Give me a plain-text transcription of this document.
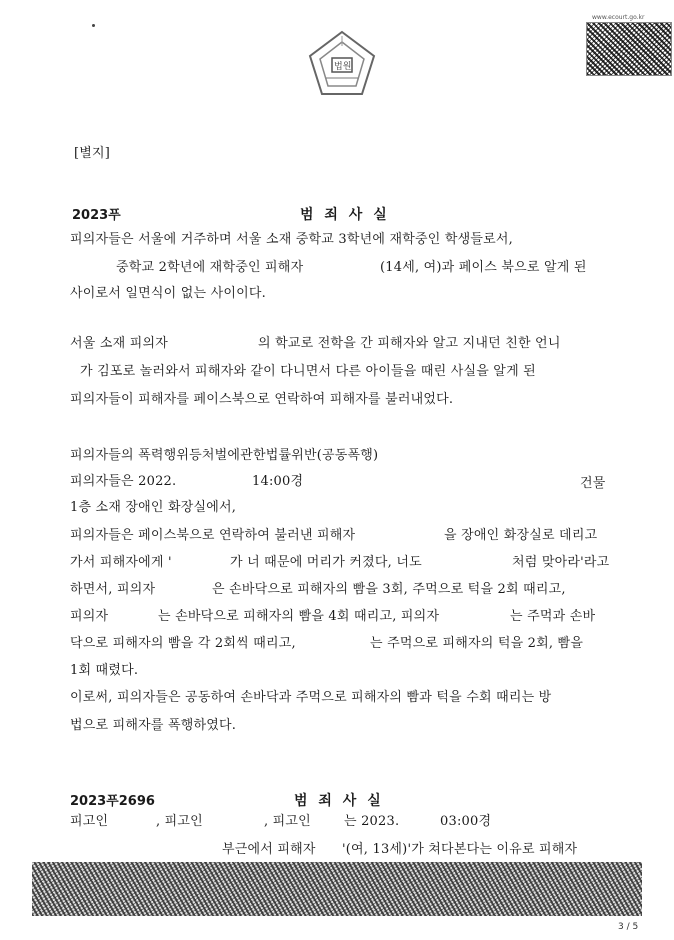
법원
www.ecourt.go.kr
[별지]
2023푸	범 죄 사 실
피의자들은 서울에 거주하며 서울 소재 중학교 3학년에 재학중인 학생들로서,
중학교 2학년에 재학중인 피해자	(14세, 여)과 페이스 북으로 알게 된
사이로서 일면식이 없는 사이이다.
서울 소재 피의자	의 학교로 전학을 간 피해자와 알고 지내던 친한 언니
가 김포로 놀러와서 피해자와 같이 다니면서 다른 아이들을 때린 사실을 알게 된
피의자들이 피해자를 페이스북으로 연락하여 피해자를 불러내었다.
피의자들의 폭력행위등처벌에관한법률위반(공동폭행)
피의자들은 2022.	14:00경	건물
1층 소재 장애인 화장실에서,
피의자들은 페이스북으로 연락하여 불러낸 피해자	을 장애인 화장실로 데리고
가서 피해자에게 '	가 너 때문에 머리가 커졌다, 너도	처럼 맞아라'라고
하면서, 피의자	은 손바닥으로 피해자의 빰을 3회, 주먹으로 턱을 2회 때리고,
피의자	는 손바닥으로 피해자의 빰을 4회 때리고, 피의자	는 주먹과 손바
닥으로 피해자의 빰을 각 2회씩 때리고,	는 주먹으로 피해자의 턱을 2회, 빰을
1회 때렸다.
이로써, 피의자들은 공동하여 손바닥과 주먹으로 피해자의 빰과 턱을 수회 때리는 방
법으로 피해자를 폭행하였다.
2023푸2696	범 죄 사 실
피고인	, 피고인	, 피고인	는 2023.	03:00경
부근에서 피해자 '(여, 13세)'가 쳐다본다는 이유로 피해자
3 / 5
